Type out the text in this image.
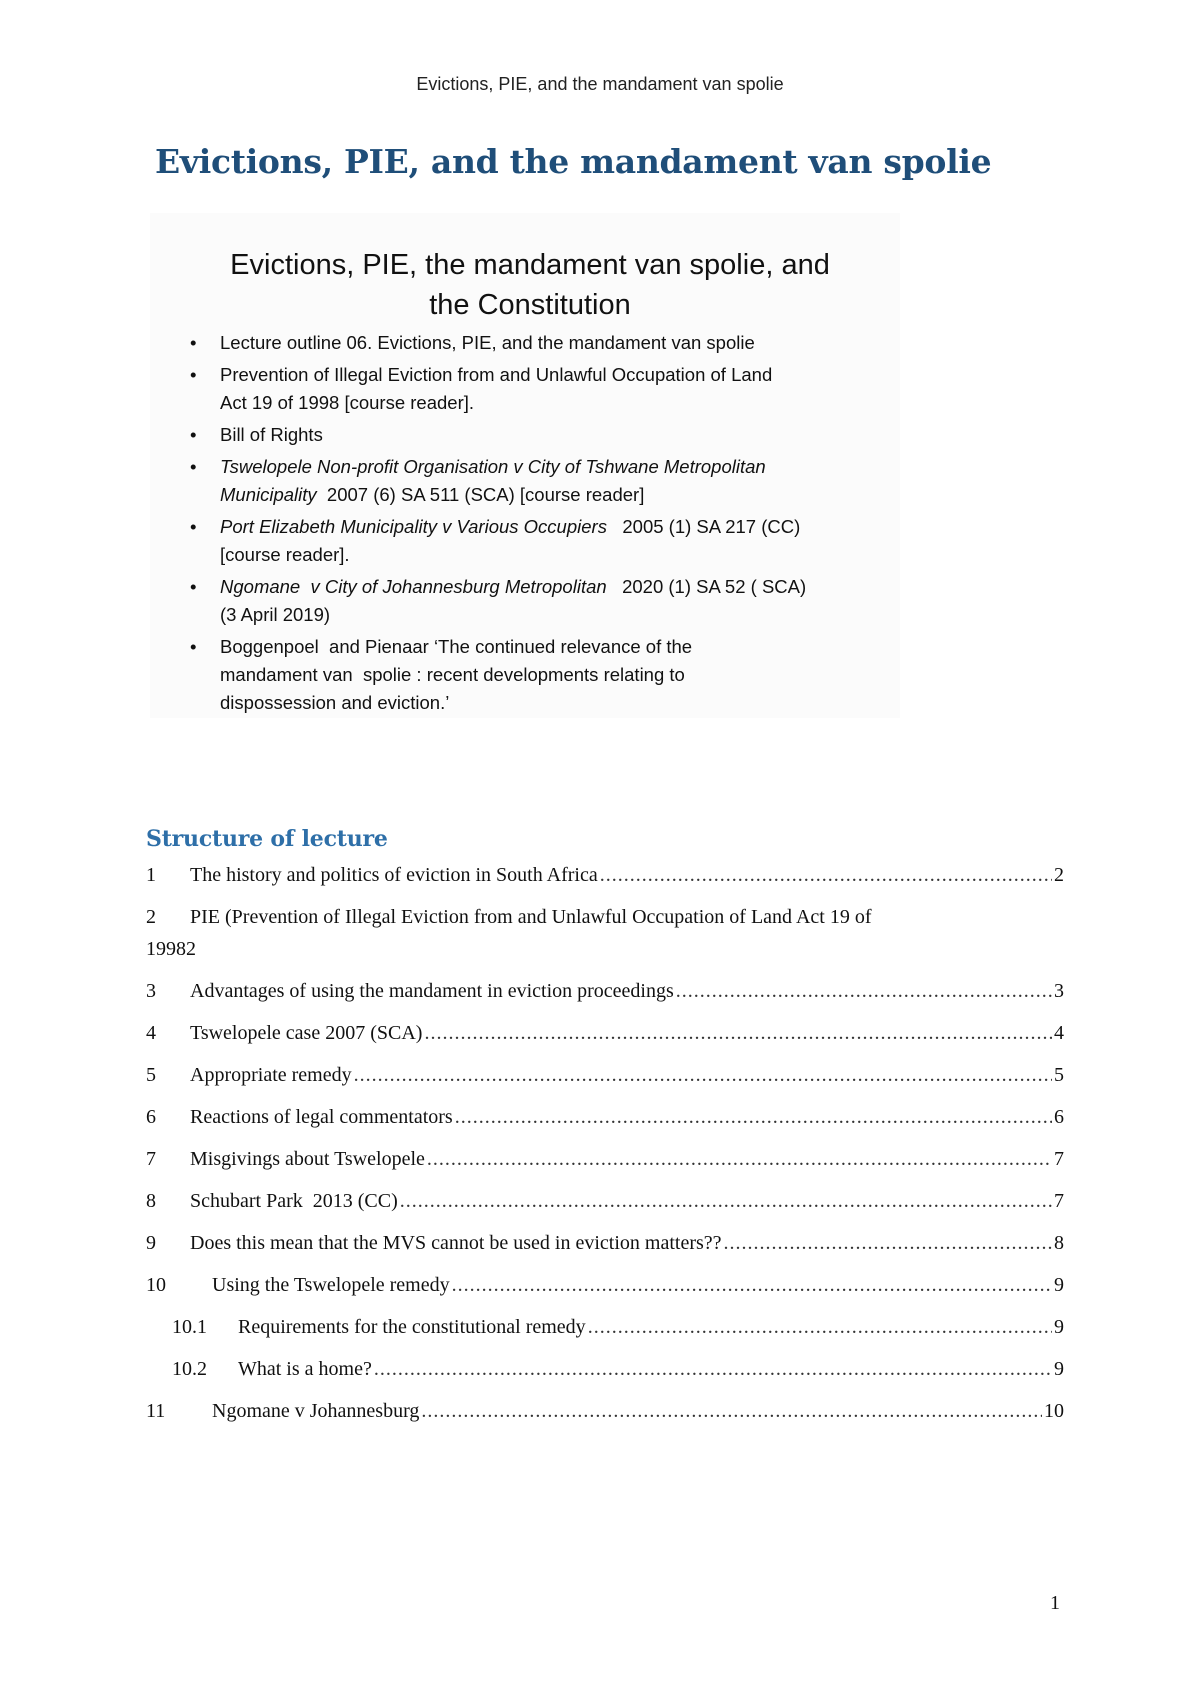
Evictions, PIE, and the mandament van spolie
Evictions, PIE, and the mandament van spolie
Evictions, PIE, the mandament van spolie, and
the Constitution
• Lecture outline 06. Evictions, PIE, and the mandament van spolie
• Prevention of Illegal Eviction from and Unlawful Occupation of Land
Act 19 of 1998 [course reader].
• Bill of Rights
• Tswelopele Non-profit Organisation v City of Tshwane Metropolitan
Municipality  2007 (6) SA 511 (SCA) [course reader]
• Port Elizabeth Municipality v Various Occupiers   2005 (1) SA 217 (CC)
[course reader].
• Ngomane  v City of Johannesburg Metropolitan   2020 (1) SA 52 ( SCA)
(3 April 2019)
• Boggenpoel  and Pienaar ‘The continued relevance of the
mandament van  spolie : recent developments relating to
dispossession and eviction.’
Structure of lecture
1	The history and politics of eviction in South Africa .....	2
2 PIE (Prevention of Illegal Eviction from and Unlawful Occupation of Land Act 19 of
1998 2
3	Advantages of using the mandament in eviction proceedings .....	3
4	Tswelopele case 2007 (SCA) .....	4
5	Appropriate remedy .....	5
6	Reactions of legal commentators .....	6
7	Misgivings about Tswelopele .....	7
8	Schubart Park  2013 (CC) .....	7
9	Does this mean that the MVS cannot be used in eviction matters?? .....	8
10	Using the Tswelopele remedy .....	9
10.1	Requirements for the constitutional remedy .....	9
10.2	What is a home? .....	9
11	Ngomane v Johannesburg .....	10
1
